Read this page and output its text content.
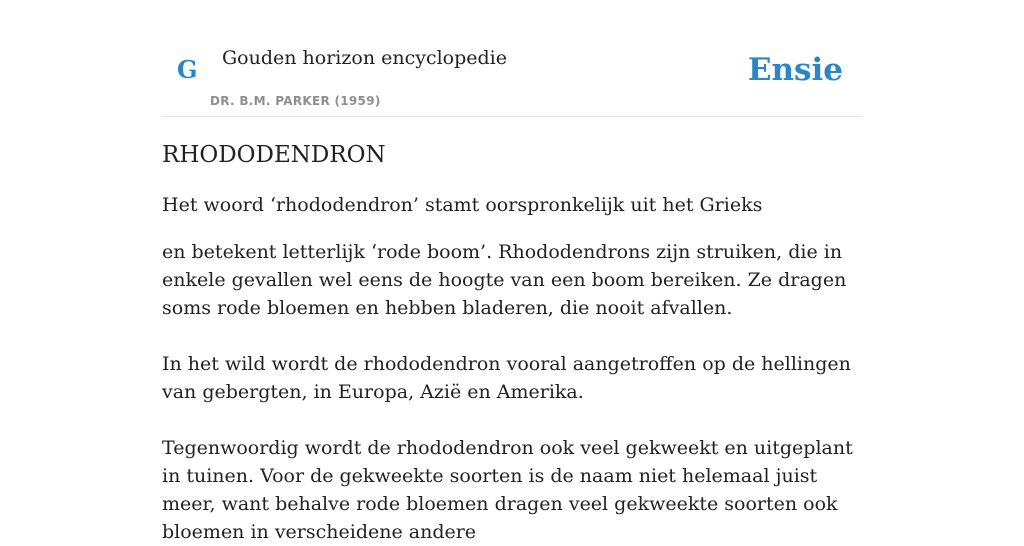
G Gouden horizon encyclopedie
DR. B.M. PARKER (1959)
Ensie
RHODODENDRON

Het woord ‘rhododendron’ stamt oorspronkelijk uit het Grieks

en betekent letterlijk ‘rode boom’. Rhododendrons zijn struiken, die in enkele gevallen wel eens de hoogte van een boom bereiken. Ze dragen soms rode bloemen en hebben bladeren, die nooit afvallen.

In het wild wordt de rhododendron vooral aangetroffen op de hellingen van gebergten, in Europa, Azië en Amerika.

Tegenwoordig wordt de rhododendron ook veel gekweekt en uitgeplant in tuinen. Voor de gekweekte soorten is de naam niet helemaal juist meer, want behalve rode bloemen dragen veel gekweekte soorten ook bloemen in verscheidene andere
